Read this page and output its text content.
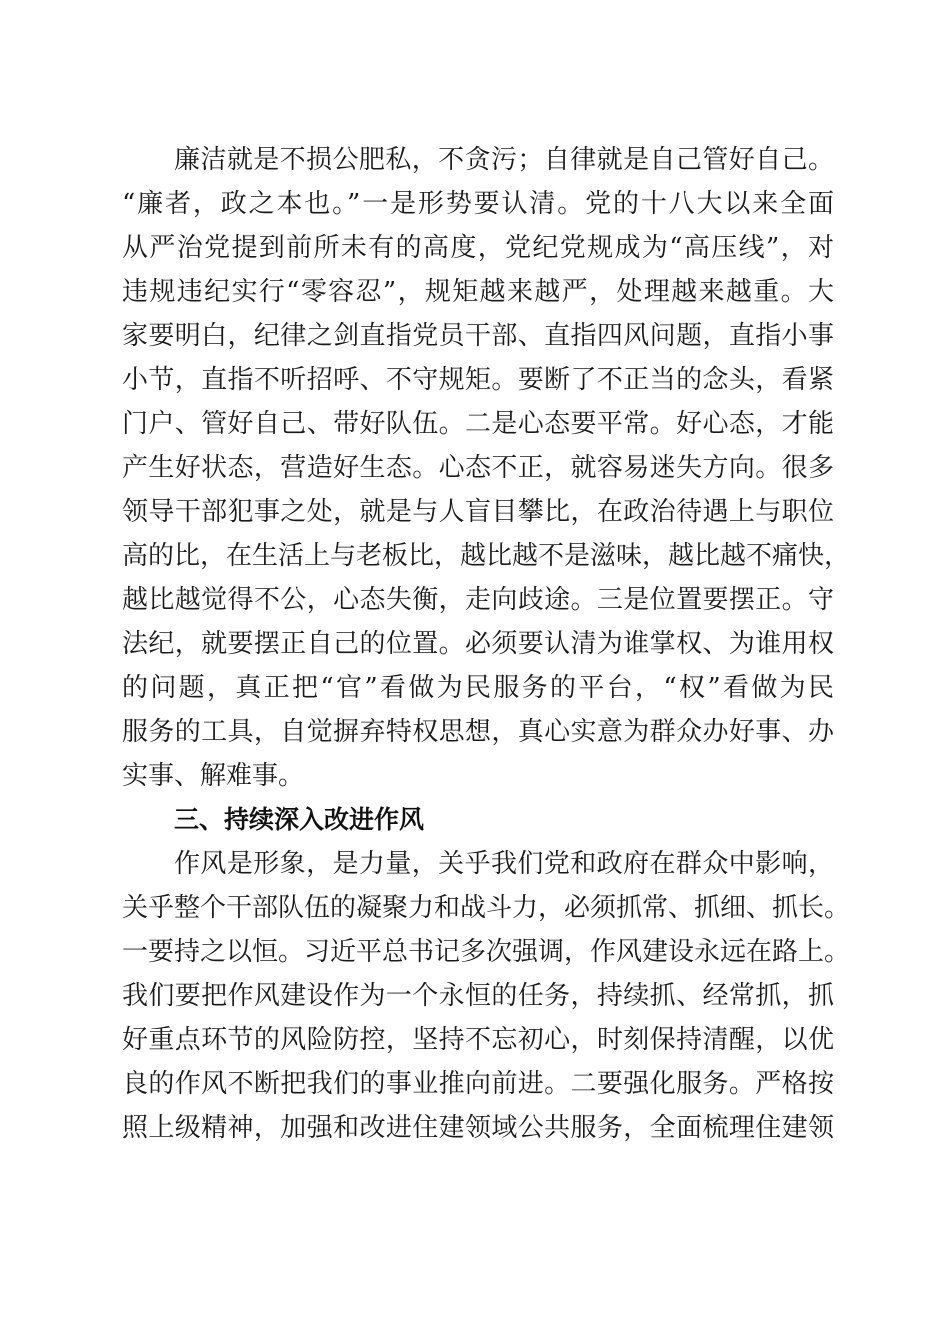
廉洁就是不损公肥私，不贪污；自律就是自己管好自己。
“廉者，政之本也。”一是形势要认清。党的十八大以来全面
从严治党提到前所未有的高度，党纪党规成为“高压线”，对
违规违纪实行“零容忍”，规矩越来越严，处理越来越重。大
家要明白，纪律之剑直指党员干部、直指四风问题，直指小事
小节，直指不听招呼、不守规矩。要断了不正当的念头，看紧
门户、管好自己、带好队伍。二是心态要平常。好心态，才能
产生好状态，营造好生态。心态不正，就容易迷失方向。很多
领导干部犯事之处，就是与人盲目攀比，在政治待遇上与职位
高的比，在生活上与老板比，越比越不是滋味，越比越不痛快，
越比越觉得不公，心态失衡，走向歧途。三是位置要摆正。守
法纪，就要摆正自己的位置。必须要认清为谁掌权、为谁用权
的问题，真正把“官”看做为民服务的平台，“权”看做为民
服务的工具，自觉摒弃特权思想，真心实意为群众办好事、办
实事、解难事。
三、持续深入改进作风
作风是形象，是力量，关乎我们党和政府在群众中影响，
关乎整个干部队伍的凝聚力和战斗力，必须抓常、抓细、抓长。
一要持之以恒。习近平总书记多次强调，作风建设永远在路上。
我们要把作风建设作为一个永恒的任务，持续抓、经常抓，抓
好重点环节的风险防控，坚持不忘初心，时刻保持清醒，以优
良的作风不断把我们的事业推向前进。二要强化服务。严格按
照上级精神，加强和改进住建领域公共服务，全面梳理住建领
